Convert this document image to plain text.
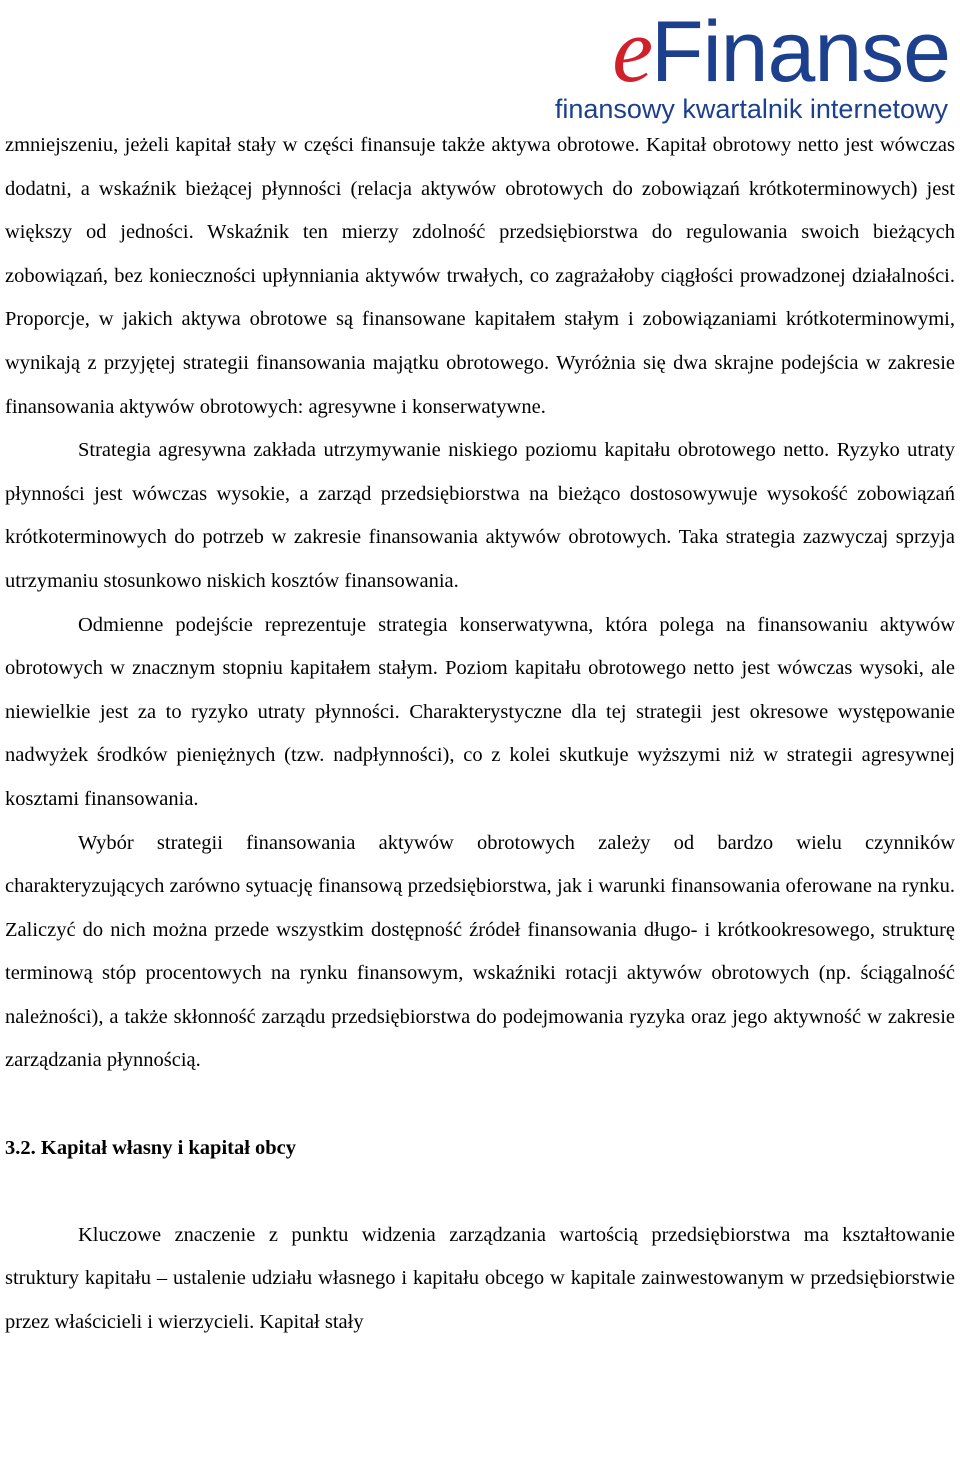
eFinanse
finansowy kwartalnik internetowy

zmniejszeniu, jeżeli kapitał stały w części finansuje także aktywa obrotowe. Kapitał obrotowy netto jest wówczas dodatni, a wskaźnik bieżącej płynności (relacja aktywów obrotowych do zobowiązań krótkoterminowych) jest większy od jedności. Wskaźnik ten mierzy zdolność przedsiębiorstwa do regulowania swoich bieżących zobowiązań, bez konieczności upłynniania aktywów trwałych, co zagrażałoby ciągłości prowadzonej działalności. Proporcje, w jakich aktywa obrotowe są finansowane kapitałem stałym i zobowiązaniami krótkoterminowymi, wynikają z przyjętej strategii finansowania majątku obrotowego. Wyróżnia się dwa skrajne podejścia w zakresie finansowania aktywów obrotowych: agresywne i konserwatywne.

Strategia agresywna zakłada utrzymywanie niskiego poziomu kapitału obrotowego netto. Ryzyko utraty płynności jest wówczas wysokie, a zarząd przedsiębiorstwa na bieżąco dostosowywuje wysokość zobowiązań krótkoterminowych do potrzeb w zakresie finansowania aktywów obrotowych. Taka strategia zazwyczaj sprzyja utrzymaniu stosunkowo niskich kosztów finansowania.

Odmienne podejście reprezentuje strategia konserwatywna, która polega na finansowaniu aktywów obrotowych w znacznym stopniu kapitałem stałym. Poziom kapitału obrotowego netto jest wówczas wysoki, ale niewielkie jest za to ryzyko utraty płynności. Charakterystyczne dla tej strategii jest okresowe występowanie nadwyżek środków pieniężnych (tzw. nadpłynności), co z kolei skutkuje wyższymi niż w strategii agresywnej kosztami finansowania.

Wybór strategii finansowania aktywów obrotowych zależy od bardzo wielu czynników charakteryzujących zarówno sytuację finansową przedsiębiorstwa, jak i warunki finansowania oferowane na rynku. Zaliczyć do nich można przede wszystkim dostępność źródeł finansowania długo- i krótkookresowego, strukturę terminową stóp procentowych na rynku finansowym, wskaźniki rotacji aktywów obrotowych (np. ściągalność należności), a także skłonność zarządu przedsiębiorstwa do podejmowania ryzyka oraz jego aktywność w zakresie zarządzania płynnością.

3.2. Kapitał własny i kapitał obcy

Kluczowe znaczenie z punktu widzenia zarządzania wartością przedsiębiorstwa ma kształtowanie struktury kapitału – ustalenie udziału własnego i kapitału obcego w kapitale zainwestowanym w przedsiębiorstwie przez właścicieli i wierzycieli. Kapitał stały
